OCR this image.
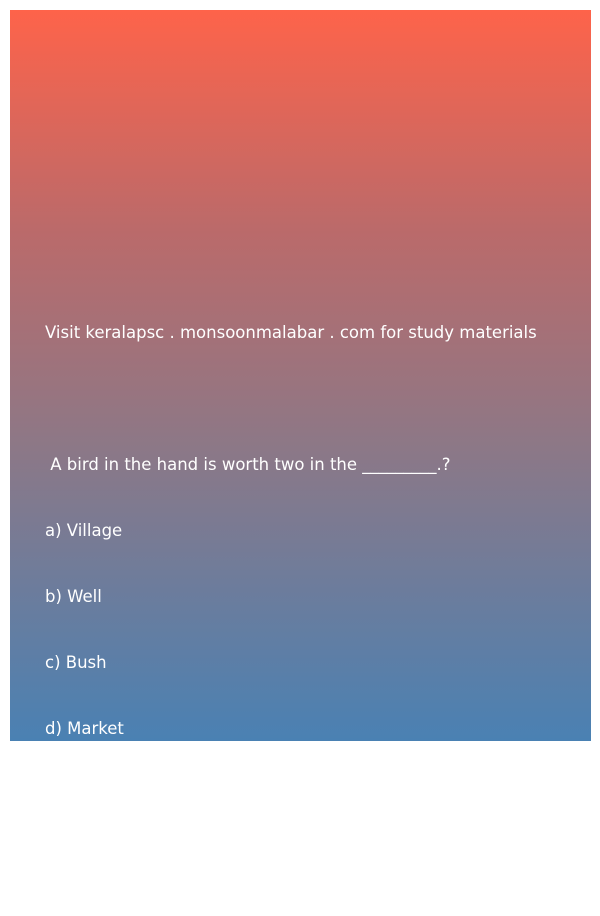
Visit keralapsc . monsoonmalabar . com for study materials

A bird in the hand is worth two in the _________.?

a) Village

b) Well

c) Bush

d) Market

Answer: Bush
